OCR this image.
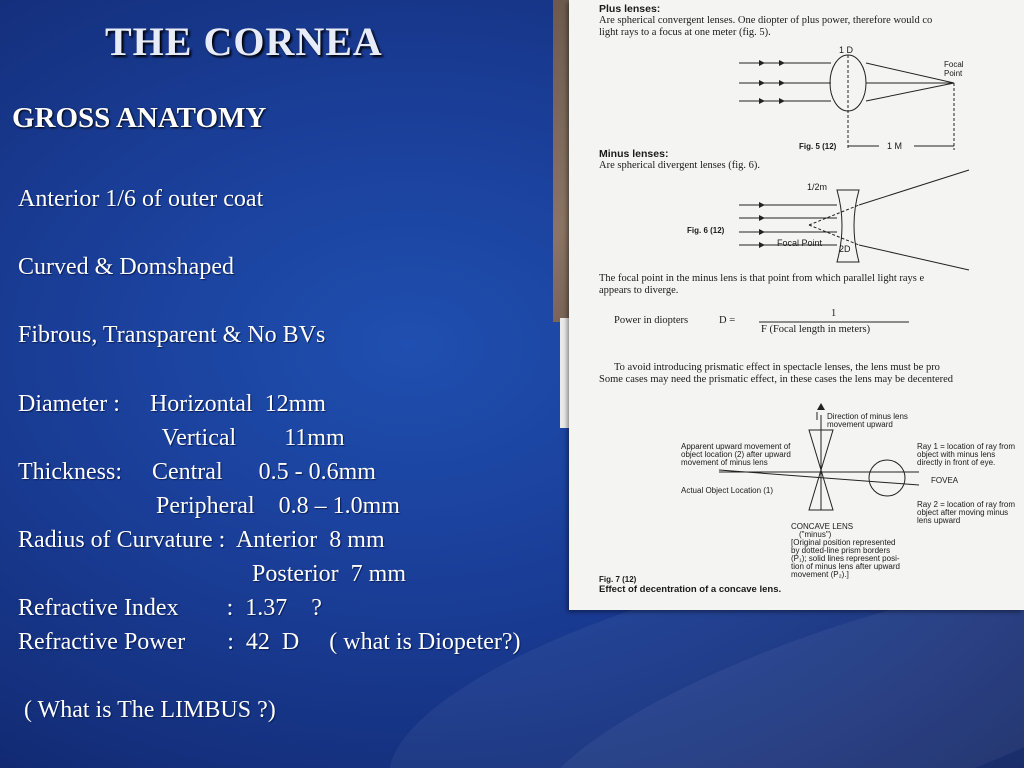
THE CORNEA
GROSS ANATOMY
Anterior 1/6 of outer coat
Curved & Domshaped
Fibrous, Transparent & No BVs
Diameter :     Horizontal  12mm
Vertical        11mm
Thickness:     Central      0.5 - 0.6mm
Peripheral    0.8 – 1.0mm
Radius of Curvature :  Anterior  8 mm
Posterior  7 mm
Refractive Index        :  1.37    ?
Refractive Power       :  42  D     ( what is Diopeter?)
( What is The LIMBUS ?)
Plus lenses:
Are spherical convergent lenses. One diopter of plus power, therefore would co
light rays to a focus at one meter (fig. 5).
1 D
Focal
Point
Fig. 5 (12)	1 M
Minus lenses:
Are spherical divergent lenses (fig. 6).
1/2m
Fig. 6 (12)
Focal Point
2D
The focal point in the minus lens is that point from which parallel light rays e
appears to diverge.
Power in diopters	D =
1
F (Focal length in meters)
To avoid introducing prismatic effect in spectacle lenses, the lens must be pro
Some cases may need the prismatic effect, in these cases the lens may be decentered
Direction of minus lens
movement upward
Apparent upward movement of
object location (2) after upward
movement of minus lens
Actual Object Location (1)
Ray 1 = location of ray from
object with minus lens
directly in front of eye.
FOVEA
Ray 2 = location of ray from
object after moving minus
lens upward
CONCAVE LENS
("minus")
[Original position represented
by dotted-line prism borders
(P₁); solid lines represent posi-
tion of minus lens after upward
movement (P₂).]
Fig. 7 (12)
Effect of decentration of a concave lens.
